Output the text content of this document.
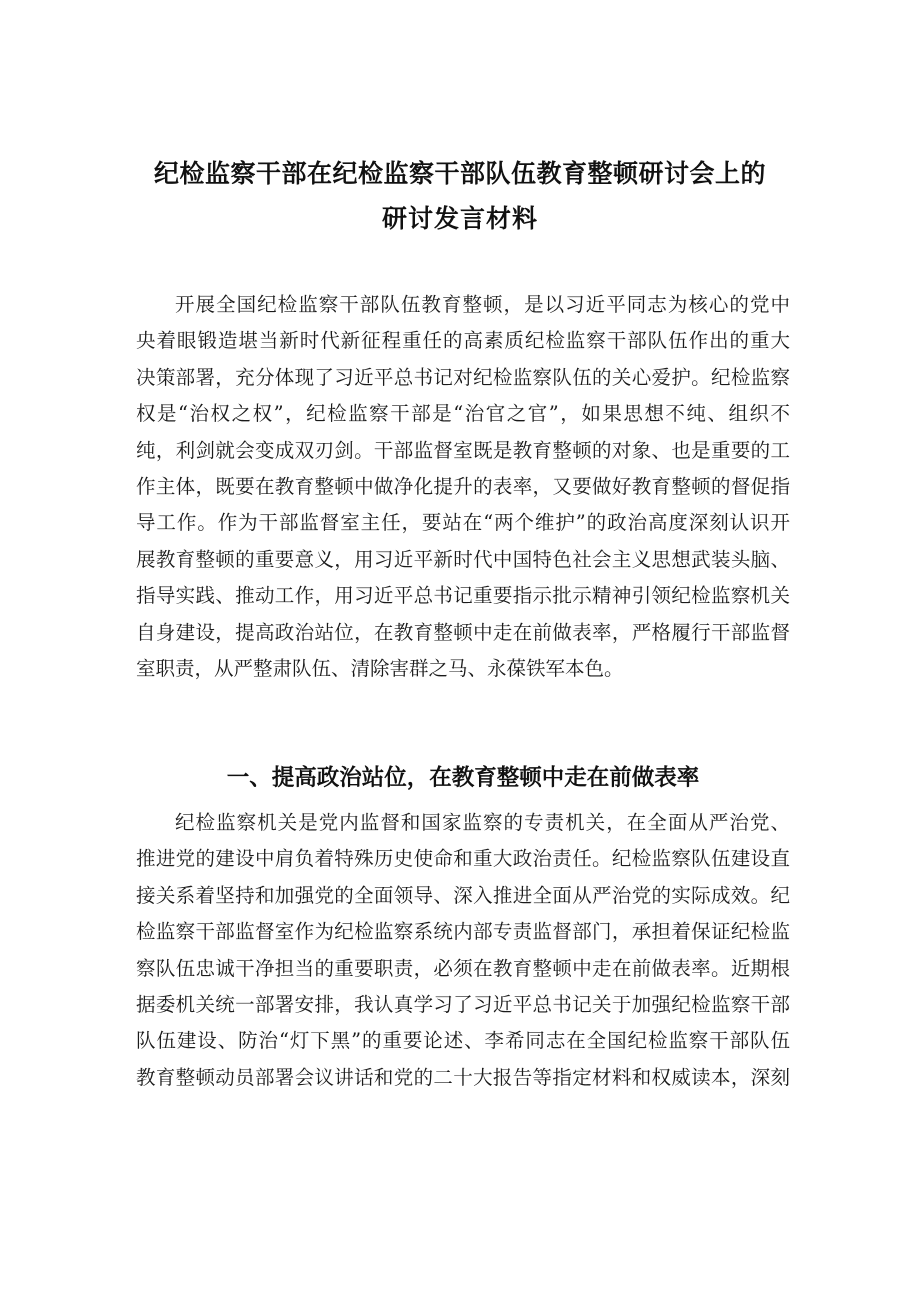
纪检监察干部在纪检监察干部队伍教育整顿研讨会上的
研讨发言材料
开展全国纪检监察干部队伍教育整顿，是以习近平同志为核心的党中
央着眼锻造堪当新时代新征程重任的高素质纪检监察干部队伍作出的重大
决策部署，充分体现了习近平总书记对纪检监察队伍的关心爱护。纪检监察
权是“治权之权”，纪检监察干部是“治官之官”，如果思想不纯、组织不
纯，利剑就会变成双刃剑。干部监督室既是教育整顿的对象、也是重要的工
作主体，既要在教育整顿中做净化提升的表率，又要做好教育整顿的督促指
导工作。作为干部监督室主任，要站在“两个维护”的政治高度深刻认识开
展教育整顿的重要意义，用习近平新时代中国特色社会主义思想武装头脑、
指导实践、推动工作，用习近平总书记重要指示批示精神引领纪检监察机关
自身建设，提高政治站位，在教育整顿中走在前做表率，严格履行干部监督
室职责，从严整肃队伍、清除害群之马、永葆铁军本色。
一、提高政治站位，在教育整顿中走在前做表率
纪检监察机关是党内监督和国家监察的专责机关，在全面从严治党、
推进党的建设中肩负着特殊历史使命和重大政治责任。纪检监察队伍建设直
接关系着坚持和加强党的全面领导、深入推进全面从严治党的实际成效。纪
检监察干部监督室作为纪检监察系统内部专责监督部门，承担着保证纪检监
察队伍忠诚干净担当的重要职责，必须在教育整顿中走在前做表率。近期根
据委机关统一部署安排，我认真学习了习近平总书记关于加强纪检监察干部
队伍建设、防治“灯下黑”的重要论述、李希同志在全国纪检监察干部队伍
教育整顿动员部署会议讲话和党的二十大报告等指定材料和权威读本，深刻
